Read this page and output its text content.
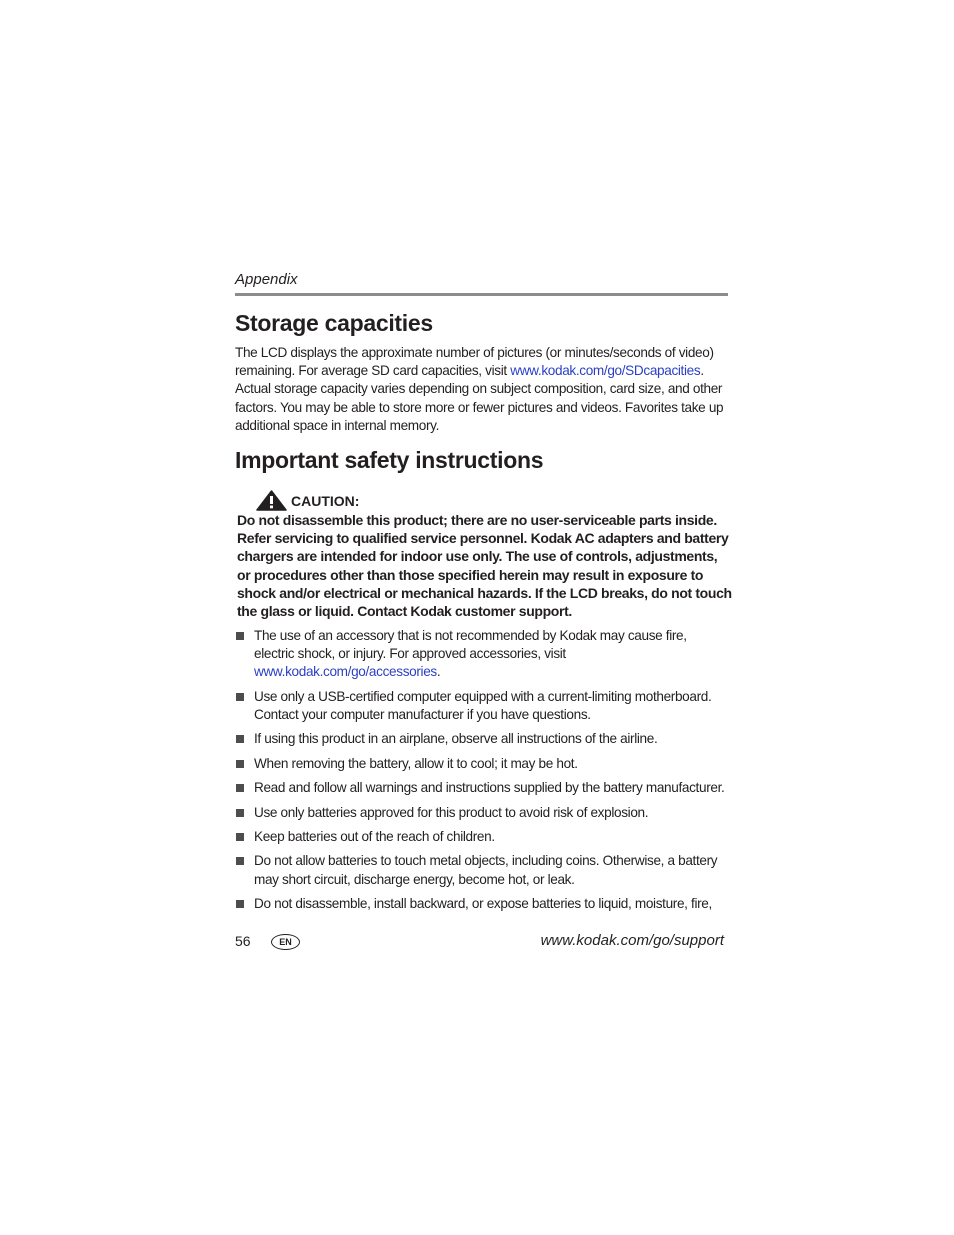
Appendix
Storage capacities

The LCD displays the approximate number of pictures (or minutes/seconds of video) remaining. For average SD card capacities, visit www.kodak.com/go/SDcapacities. Actual storage capacity varies depending on subject composition, card size, and other factors. You may be able to store more or fewer pictures and videos. Favorites take up additional space in internal memory.

Important safety instructions
CAUTION:

Do not disassemble this product; there are no user-serviceable parts inside. Refer servicing to qualified service personnel. Kodak AC adapters and battery chargers are intended for indoor use only. The use of controls, adjustments, or procedures other than those specified herein may result in exposure to shock and/or electrical or mechanical hazards. If the LCD breaks, do not touch the glass or liquid. Contact Kodak customer support.

The use of an accessory that is not recommended by Kodak may cause fire, electric shock, or injury. For approved accessories, visit www.kodak.com/go/accessories.
Use only a USB-certified computer equipped with a current-limiting motherboard. Contact your computer manufacturer if you have questions.
If using this product in an airplane, observe all instructions of the airline.
When removing the battery, allow it to cool; it may be hot.
Read and follow all warnings and instructions supplied by the battery manufacturer.
Use only batteries approved for this product to avoid risk of explosion.
Keep batteries out of the reach of children.
Do not allow batteries to touch metal objects, including coins. Otherwise, a battery may short circuit, discharge energy, become hot, or leak.
Do not disassemble, install backward, or expose batteries to liquid, moisture, fire,
56	EN	www.kodak.com/go/support
